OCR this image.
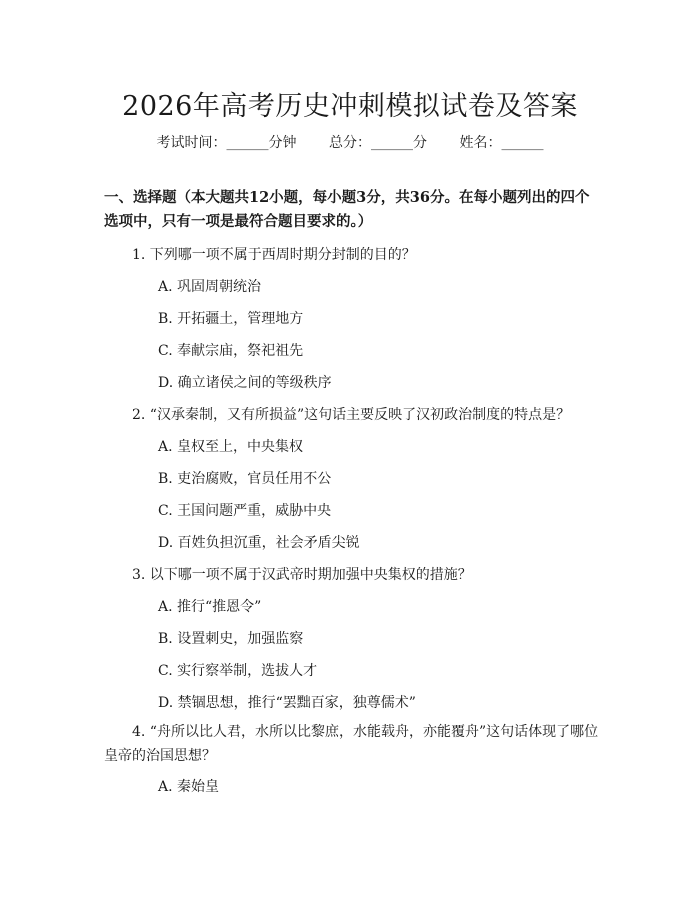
2026年高考历史冲刺模拟试卷及答案
考试时间：______分钟 总分：______分 姓名：______
一、选择题（本大题共12小题，每小题3分，共36分。在每小题列出的四个选项中，只有一项是最符合题目要求的。）
1. 下列哪一项不属于西周时期分封制的目的？
A. 巩固周朝统治
B. 开拓疆土，管理地方
C. 奉献宗庙，祭祀祖先
D. 确立诸侯之间的等级秩序
2. “汉承秦制，又有所损益”这句话主要反映了汉初政治制度的特点是？
A. 皇权至上，中央集权
B. 吏治腐败，官员任用不公
C. 王国问题严重，威胁中央
D. 百姓负担沉重，社会矛盾尖锐
3. 以下哪一项不属于汉武帝时期加强中央集权的措施？
A. 推行“推恩令”
B. 设置刺史，加强监察
C. 实行察举制，选拔人才
D. 禁锢思想，推行“罢黜百家，独尊儒术”
4. “舟所以比人君，水所以比黎庶，水能载舟，亦能覆舟”这句话体现了哪位皇帝的治国思想？
A. 秦始皇
